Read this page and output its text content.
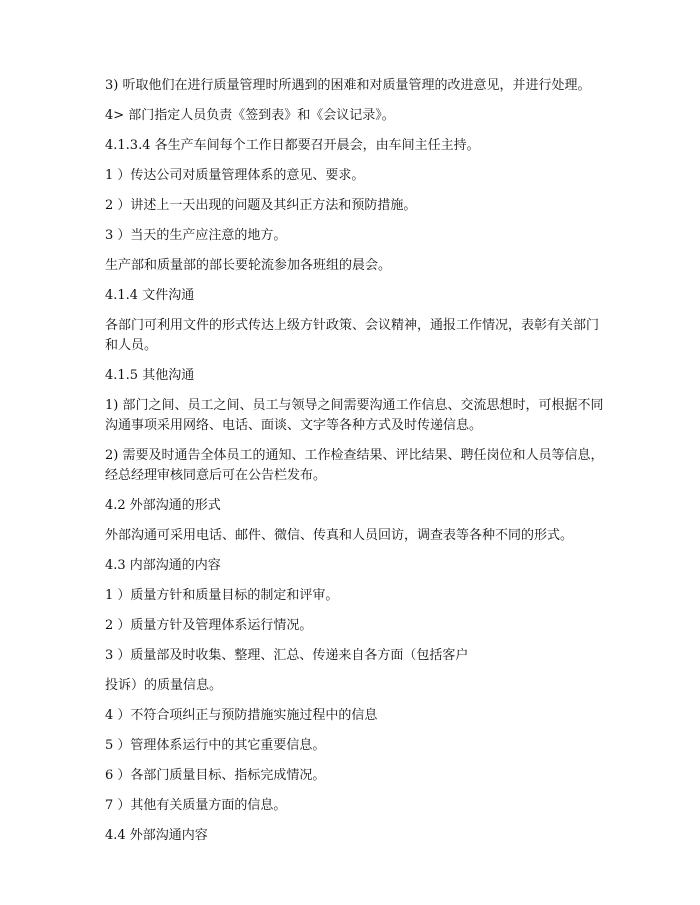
3) 听取他们在进行质量管理时所遇到的困难和对质量管理的改进意见，并进行处理。

4> 部门指定人员负责《签到表》和《会议记录》。

4.1.3.4 各生产车间每个工作日都要召开晨会，由车间主任主持。

1 ）传达公司对质量管理体系的意见、要求。

2 ）讲述上一天出现的问题及其纠正方法和预防措施。

3 ）当天的生产应注意的地方。

生产部和质量部的部长要轮流参加各班组的晨会。

4.1.4 文件沟通

各部门可利用文件的形式传达上级方针政策、会议精神，通报工作情况，表彰有关部门和人员。

4.1.5 其他沟通

1) 部门之间、员工之间、员工与领导之间需要沟通工作信息、交流思想时，可根据不同沟通事项采用网络、电话、面谈、文字等各种方式及时传递信息。

2) 需要及时通告全体员工的通知、工作检查结果、评比结果、聘任岗位和人员等信息，经总经理审核同意后可在公告栏发布。

4.2 外部沟通的形式

外部沟通可采用电话、邮件、微信、传真和人员回访，调查表等各种不同的形式。

4.3 内部沟通的内容

1 ）质量方针和质量目标的制定和评审。

2 ）质量方针及管理体系运行情况。

3 ）质量部及时收集、整理、汇总、传递来自各方面（包括客户

投诉）的质量信息。

4 ）不符合项纠正与预防措施实施过程中的信息

5 ）管理体系运行中的其它重要信息。

6 ）各部门质量目标、指标完成情况。

7 ）其他有关质量方面的信息。

4.4 外部沟通内容
